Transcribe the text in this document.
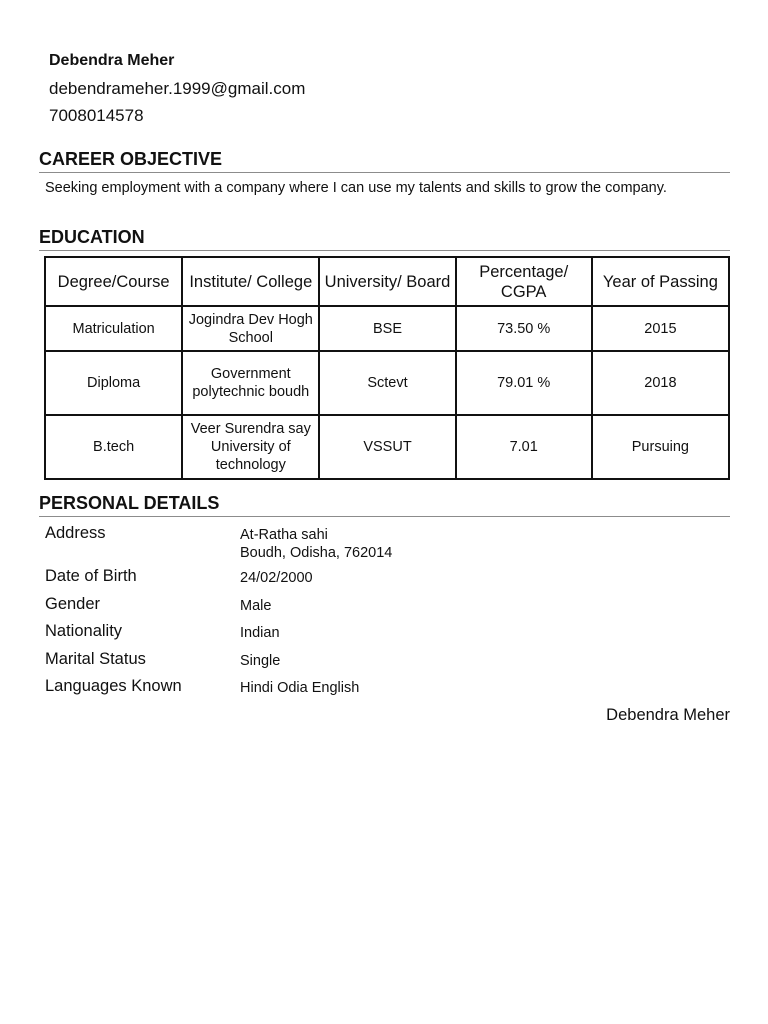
Debendra Meher
debendrameher.1999@gmail.com
7008014578
CAREER OBJECTIVE
Seeking employment with a company where I can use my talents and skills to grow the company.
EDUCATION
Degree/Course	Institute/ College	University/ Board	Percentage/ CGPA	Year of Passing
Matriculation	Jogindra Dev Hogh School	BSE	73.50 %	2015
Diploma	Government polytechnic boudh	Sctevt	79.01 %	2018
B.tech	Veer Surendra say University of technology	VSSUT	7.01	Pursuing
PERSONAL DETAILS
Address	At-Ratha sahi
Boudh, Odisha, 762014
Date of Birth	24/02/2000
Gender	Male
Nationality	Indian
Marital Status	Single
Languages Known	Hindi Odia English
Debendra Meher
